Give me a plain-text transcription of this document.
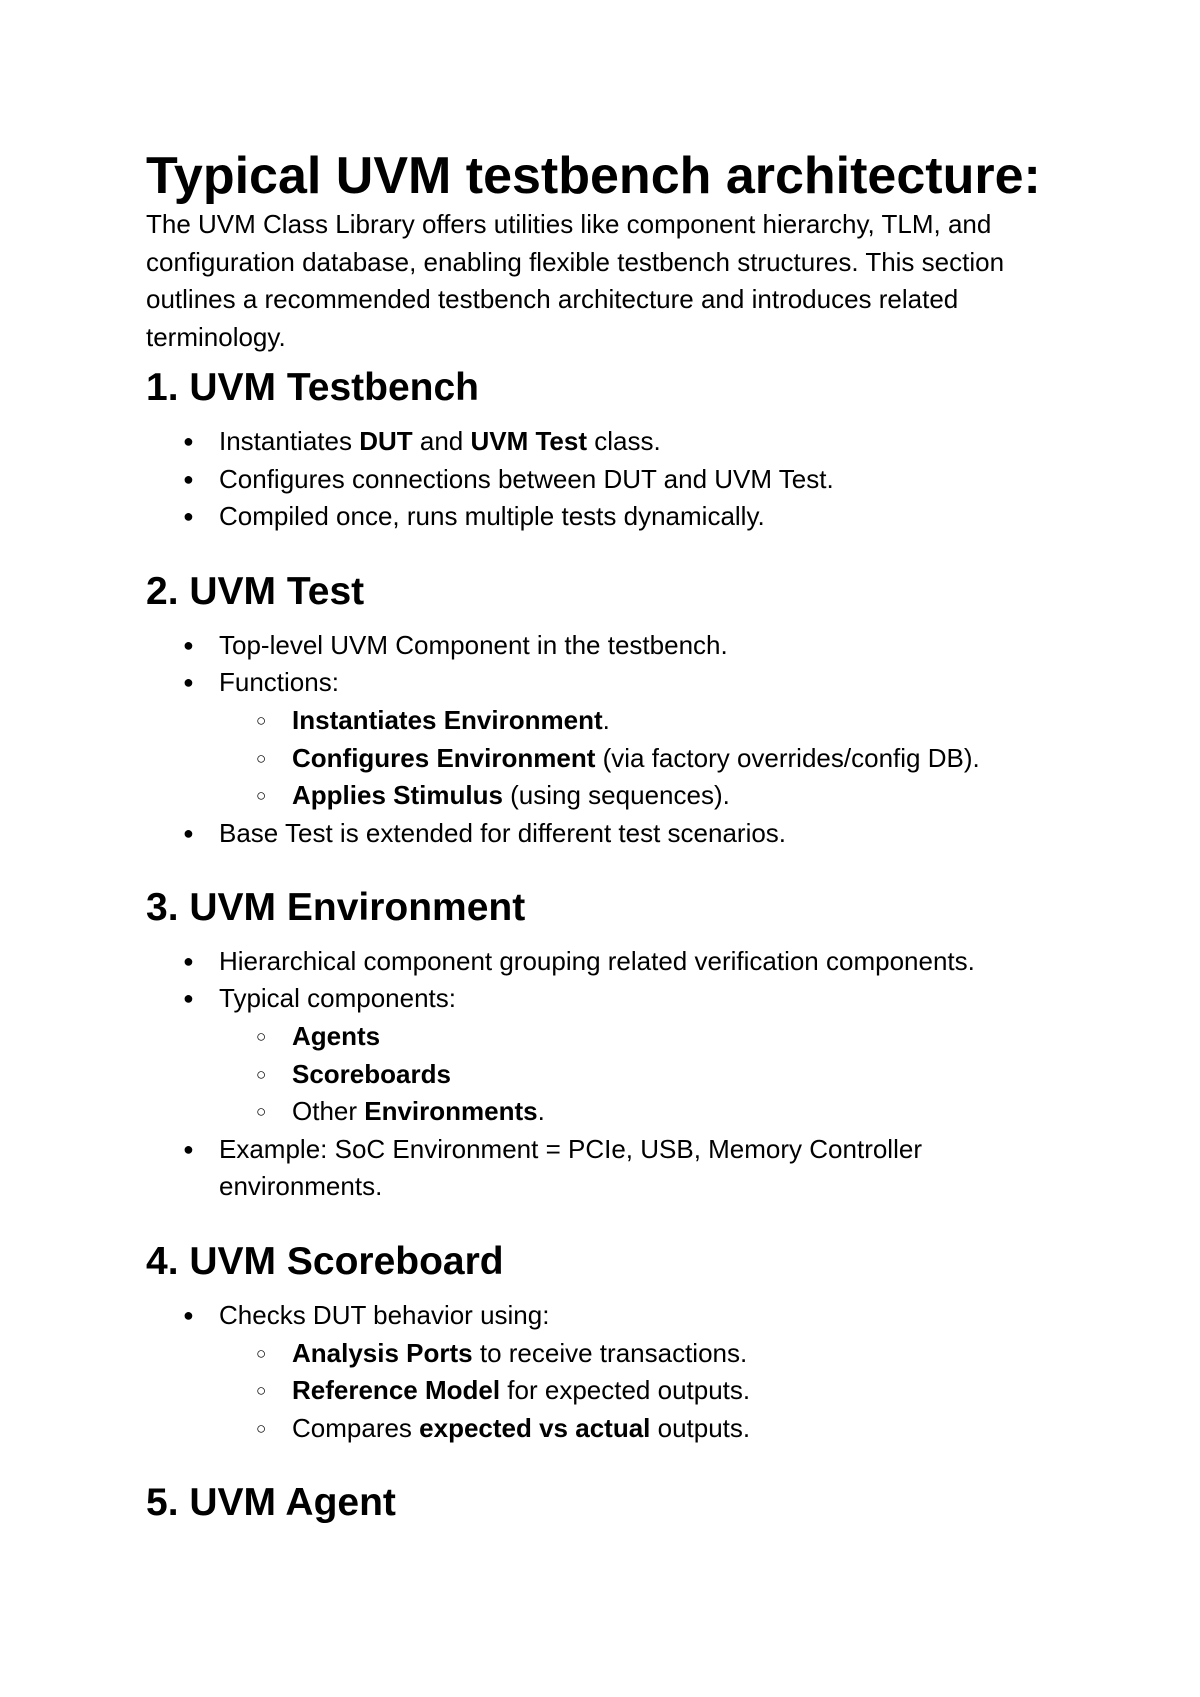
Typical UVM testbench architecture:

The UVM Class Library offers utilities like component hierarchy, TLM, and configuration database, enabling flexible testbench structures. This section outlines a recommended testbench architecture and introduces related terminology.

1. UVM Testbench
● Instantiates DUT and UVM Test class.
● Configures connections between DUT and UVM Test.
● Compiled once, runs multiple tests dynamically.
2. UVM Test
● Top-level UVM Component in the testbench.
● Functions:
○ Instantiates Environment.
○ Configures Environment (via factory overrides/config DB).
○ Applies Stimulus (using sequences).
● Base Test is extended for different test scenarios.
3. UVM Environment
● Hierarchical component grouping related verification components.
● Typical components:
○ Agents
○ Scoreboards
○ Other Environments.
● Example: SoC Environment = PCIe, USB, Memory Controller
environments.
4. UVM Scoreboard
● Checks DUT behavior using:
○ Analysis Ports to receive transactions.
○ Reference Model for expected outputs.
○ Compares expected vs actual outputs.
5. UVM Agent
